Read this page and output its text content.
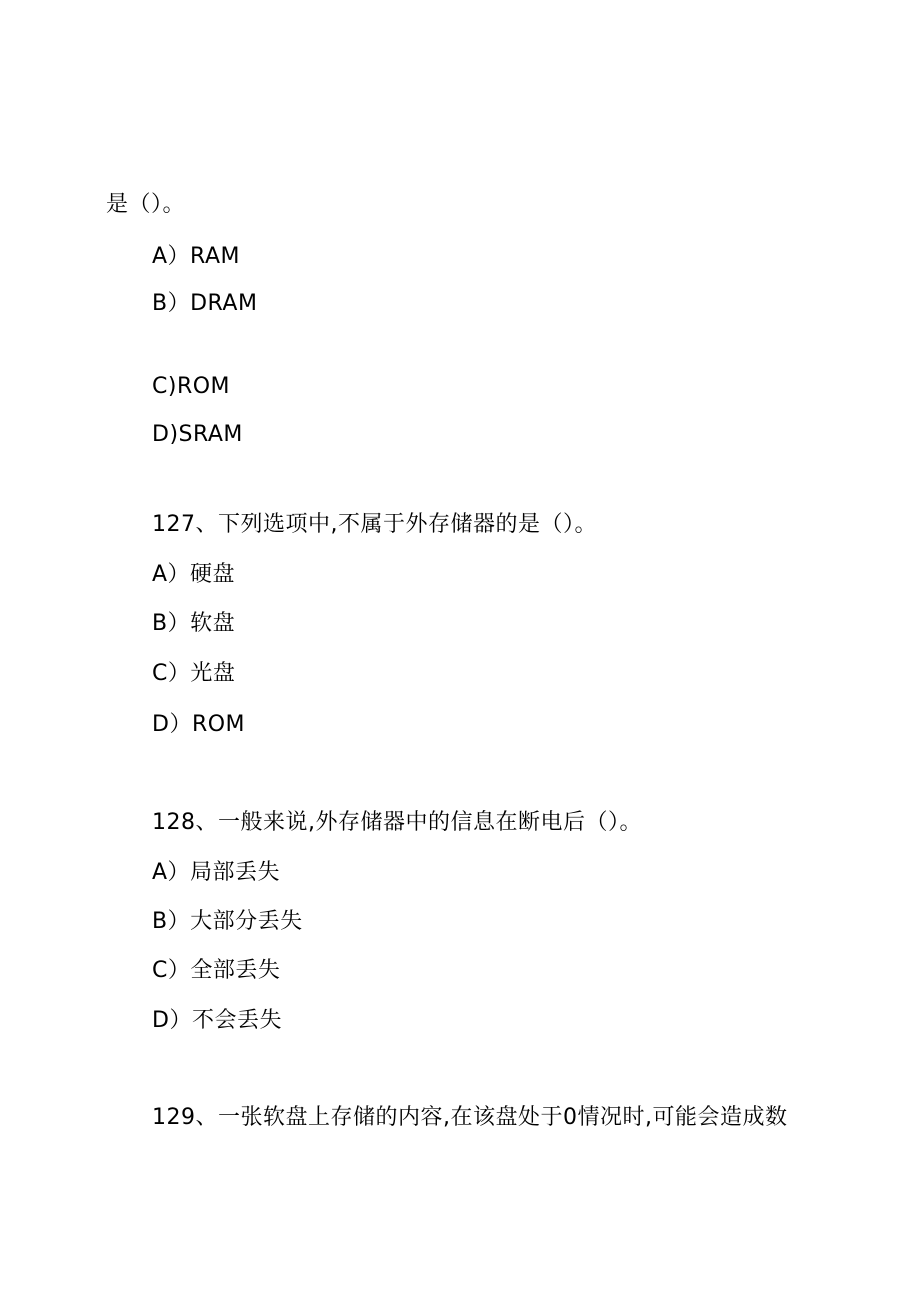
是（）。
A）RAM
B）DRAM
C)ROM
D)SRAM
127、下列选项中,不属于外存储器的是（）。
A）硬盘
B）软盘
C）光盘
D）ROM
128、一般来说,外存储器中的信息在断电后（）。
A）局部丢失
B）大部分丢失
C）全部丢失
D）不会丢失
129、一张软盘上存储的内容,在该盘处于0情况时,可能会造成数
